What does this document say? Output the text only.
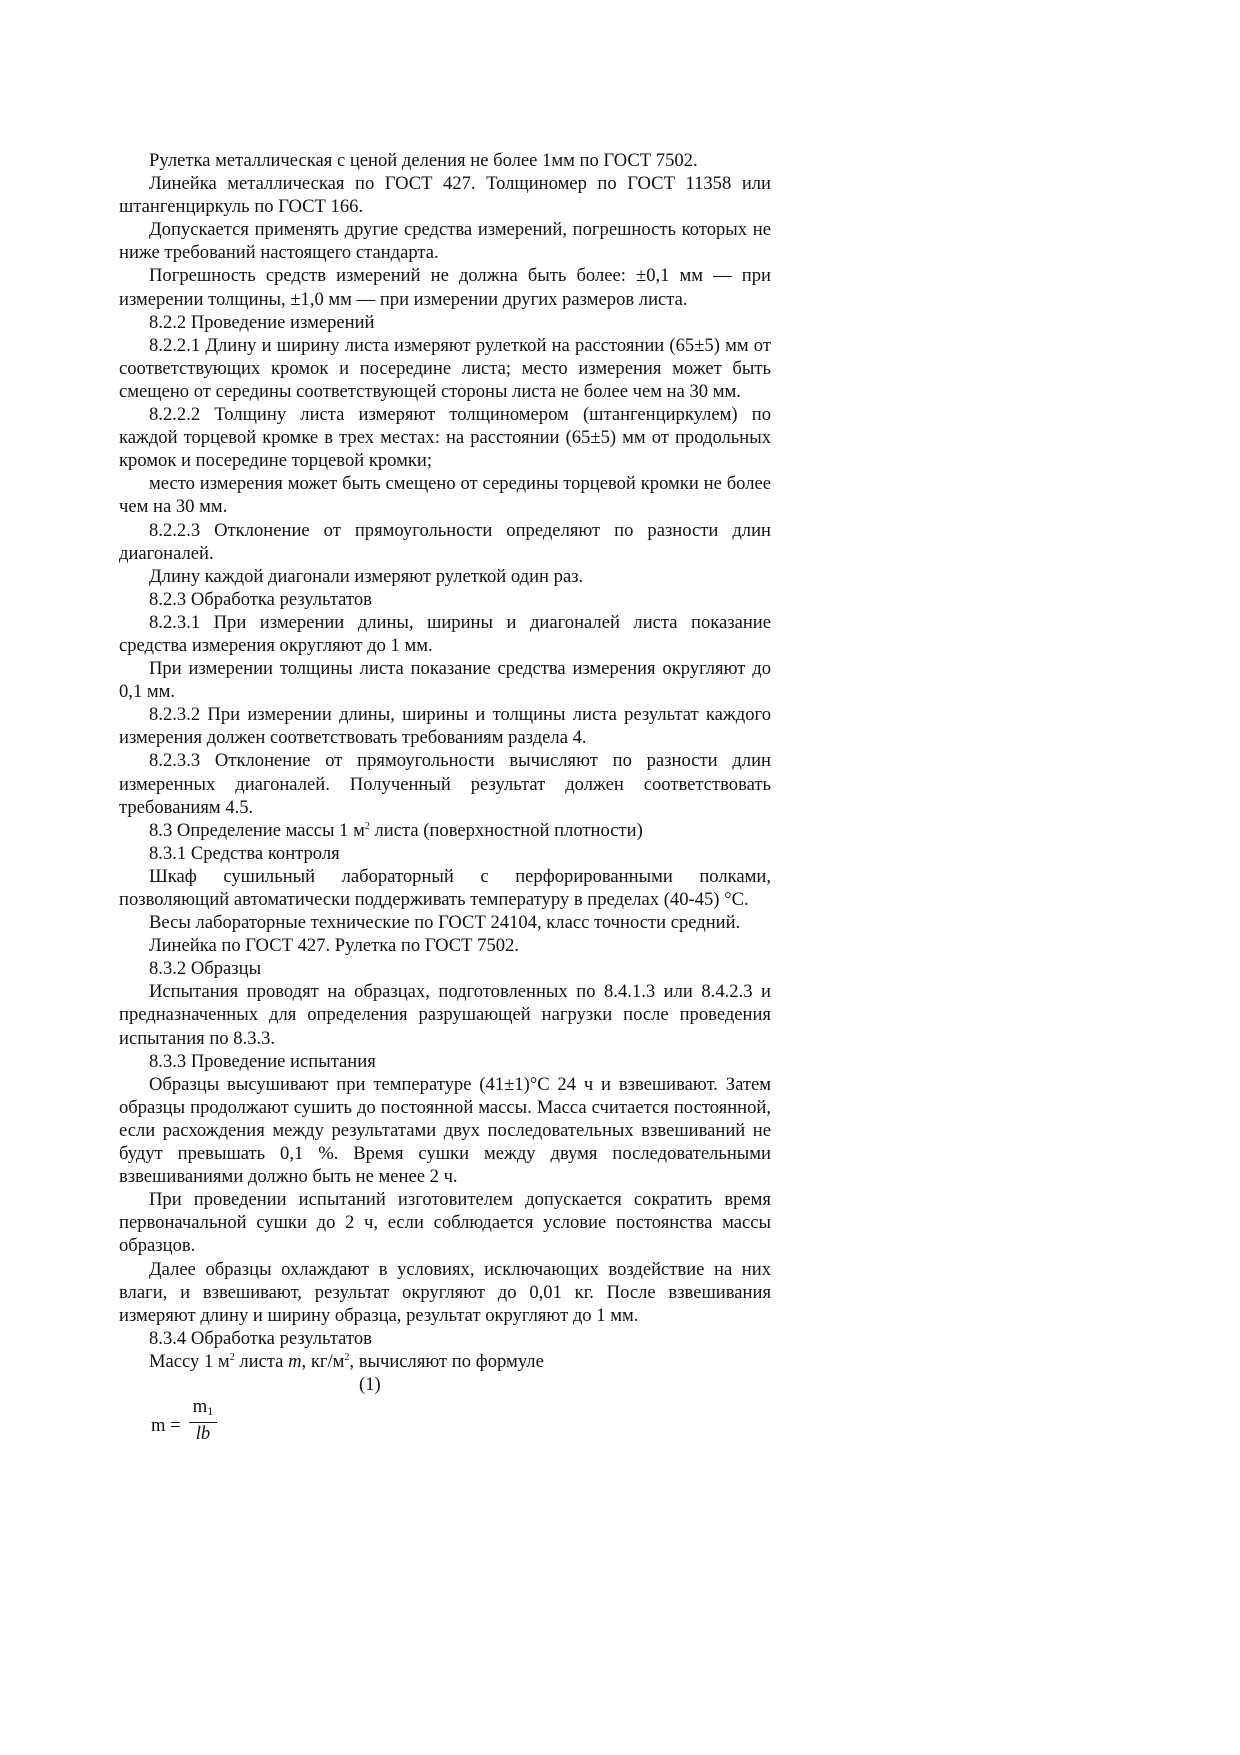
Рулетка металлическая с ценой деления не более 1мм по ГОСТ 7502.

Линейка металлическая по ГОСТ 427. Толщиномер по ГОСТ 11358 или штангенциркуль по ГОСТ 166.

Допускается применять другие средства измерений, погрешность которых не ниже требований настоящего стандарта.

Погрешность средств измерений не должна быть более: ±0,1 мм — при измерении толщины, ±1,0 мм — при измерении других размеров листа.

8.2.2 Проведение измерений

8.2.2.1 Длину и ширину листа измеряют рулеткой на расстоянии (65±5) мм от соответствующих кромок и посередине листа; место измерения может быть смещено от середины соответствующей стороны листа не более чем на 30 мм.

8.2.2.2 Толщину листа измеряют толщиномером (штангенциркулем) по каждой торцевой кромке в трех местах: на расстоянии (65±5) мм от продольных кромок и посередине торцевой кромки;

место измерения может быть смещено от середины торцевой кромки не более чем на 30 мм.

8.2.2.3 Отклонение от прямоугольности определяют по разности длин диагоналей.

Длину каждой диагонали измеряют рулеткой один раз.

8.2.3 Обработка результатов

8.2.3.1 При измерении длины, ширины и диагоналей листа показание средства измерения округляют до 1 мм.

При измерении толщины листа показание средства измерения округляют до 0,1 мм.

8.2.3.2 При измерении длины, ширины и толщины листа результат каждого измерения должен соответствовать требованиям раздела 4.

8.2.3.3 Отклонение от прямоугольности вычисляют по разности длин измеренных диагоналей. Полученный результат должен соответствовать требованиям 4.5.

8.3 Определение массы 1 $м^2$ листа (поверхностной плотности)

8.3.1 Средства контроля

Шкаф сушильный лабораторный с перфорированными полками, позволяющий автоматически поддерживать температуру в пределах (40-45) °С.

Весы лабораторные технические по ГОСТ 24104, класс точности средний.

Линейка по ГОСТ 427. Рулетка по ГОСТ 7502.

8.3.2 Образцы

Испытания проводят на образцах, подготовленных по 8.4.1.3 или 8.4.2.3 и предназначенных для определения разрушающей нагрузки после проведения испытания по 8.3.3.

8.3.3 Проведение испытания

Образцы высушивают при температуре (41±1)°С 24 ч и взвешивают. Затем образцы продолжают сушить до постоянной массы. Масса считается постоянной, если расхождения между результатами двух последовательных взвешиваний не будут превышать 0,1 %. Время сушки между двумя последовательными взвешиваниями должно быть не менее 2 ч.

При проведении испытаний изготовителем допускается сократить время первоначальной сушки до 2 ч, если соблюдается условие постоянства массы образцов.

Далее образцы охлаждают в условиях, исключающих воздействие на них влаги, и взвешивают, результат округляют до 0,01 кг. После взвешивания измеряют длину и ширину образца, результат округляют до 1 мм.

8.3.4 Обработка результатов

Массу 1 $м^2$ листа m, $кг/м^2$, вычисляют по формуле

(1)

$m = \frac{m_1}{lb}$
